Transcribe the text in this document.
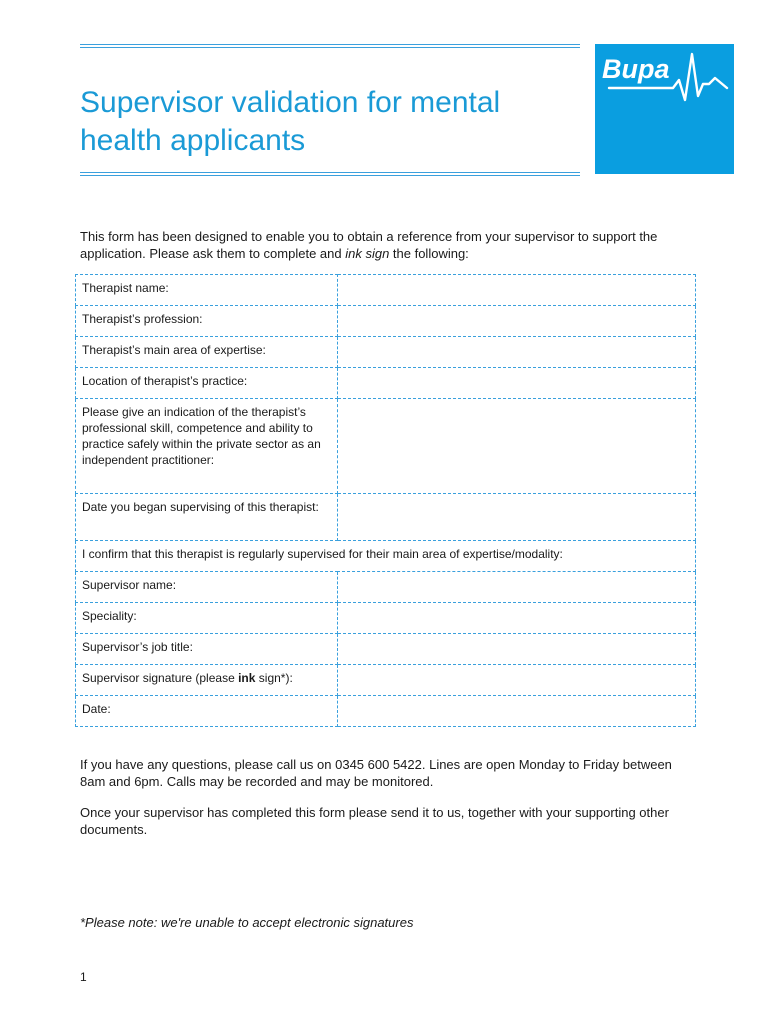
Supervisor validation for mental health applicants
Bupa

This form has been designed to enable you to obtain a reference from your supervisor to support the application. Please ask them to complete and ink sign the following:

Therapist name:	
Therapist’s profession:	
Therapist’s main area of expertise:	
Location of therapist’s practice:	
Please give an indication of the therapist’s professional skill, competence and ability to practice safely within the private sector as an independent practitioner:	
Date you began supervising of this therapist:	
I confirm that this therapist is regularly supervised for their main area of expertise/modality:	
Supervisor name:	
Speciality:	
Supervisor’s job title:	
Supervisor signature (please ink sign*):	
Date:	

If you have any questions, please call us on 0345 600 5422. Lines are open Monday to Friday between 8am and 6pm. Calls may be recorded and may be monitored.

Once your supervisor has completed this form please send it to us, together with your supporting other documents.

*Please note: we're unable to accept electronic signatures

1
